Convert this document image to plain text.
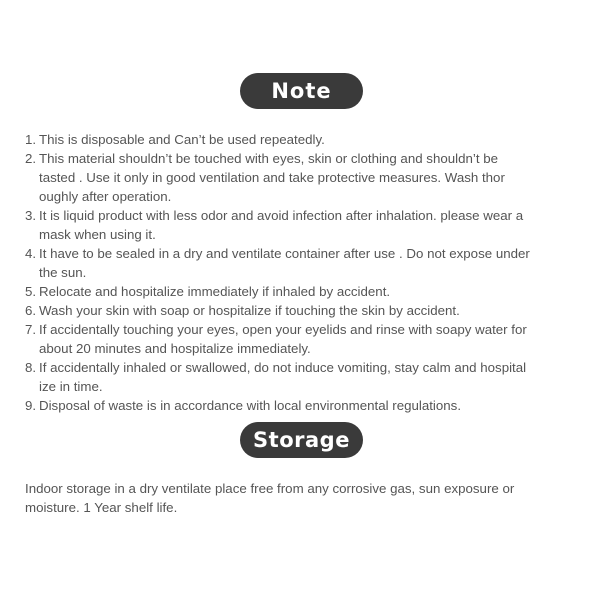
Note
1. This is disposable and Can’t be used repeatedly.
2. This material shouldn’t be touched with eyes, skin or clothing and shouldn’t be
tasted . Use it only in good ventilation and take protective measures. Wash thor
oughly after operation.
3. It is liquid product with less odor and avoid infection after inhalation. please wear a
mask when using it.
4. It have to be sealed in a dry and ventilate container after use . Do not expose under
the sun.
5. Relocate and hospitalize immediately if inhaled by accident.
6. Wash your skin with soap or hospitalize if touching the skin by accident.
7. If accidentally touching your eyes, open your eyelids and rinse with soapy water for
about 20 minutes and hospitalize immediately.
8. If accidentally inhaled or swallowed, do not induce vomiting, stay calm and hospital
ize in time.
9. Disposal of waste is in accordance with local environmental regulations.
Storage
Indoor storage in a dry ventilate place free from any corrosive gas, sun exposure or
moisture. 1 Year shelf life.
